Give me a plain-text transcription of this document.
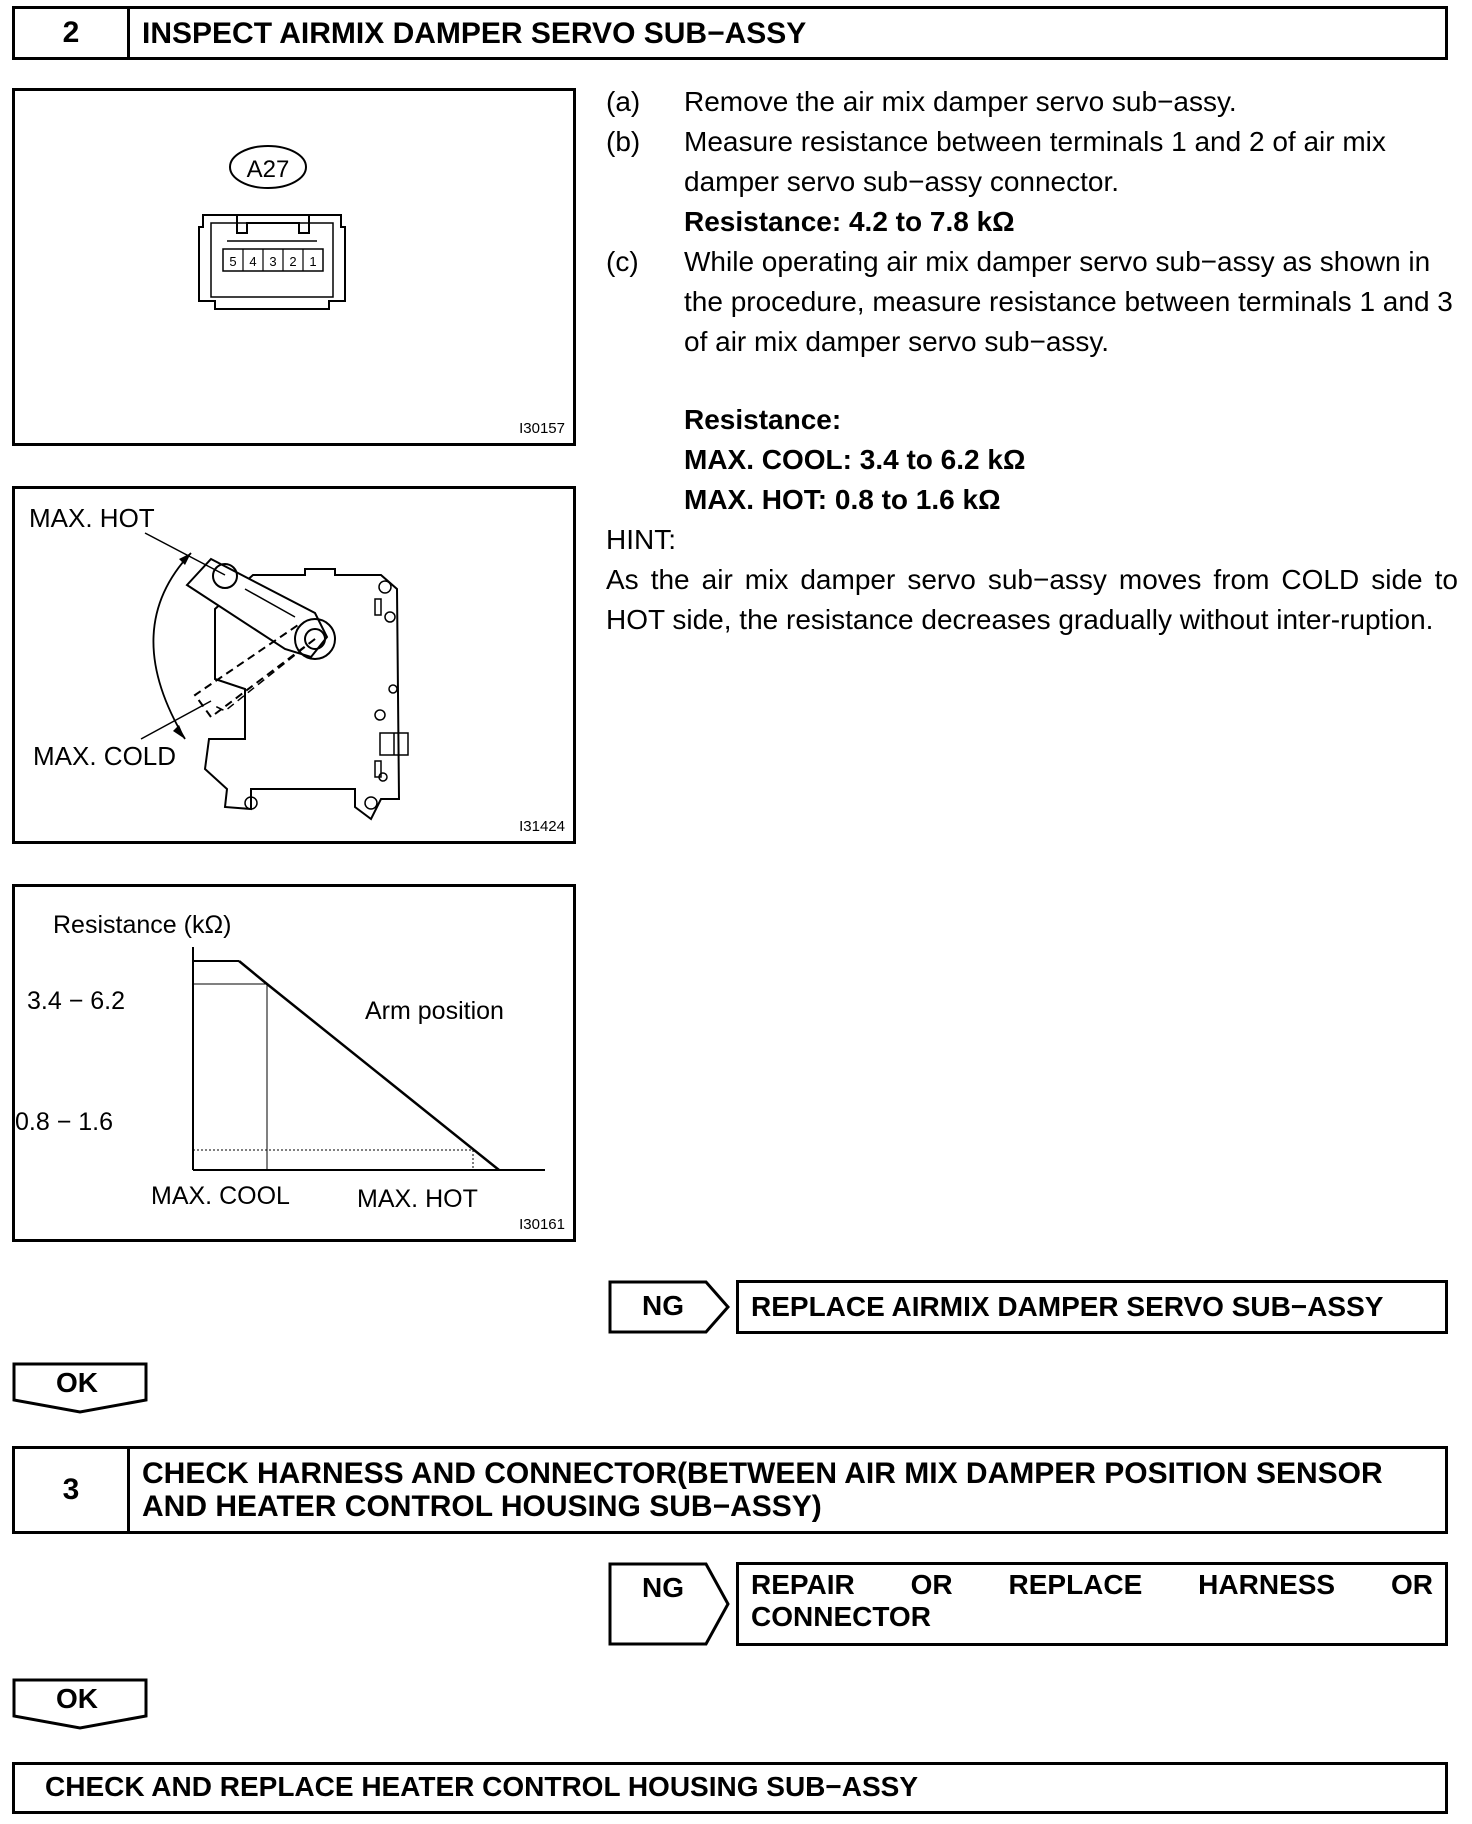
2	INSPECT AIRMIX DAMPER SERVO SUB−ASSY
A27
5 4 3 2 1
I30157
MAX. HOT
MAX. COLD
I31424
Resistance (kΩ)
3.4 − 6.2
0.8 − 1.6
Arm position
MAX. COOL	MAX. HOT
I30161
(a) Remove the air mix damper servo sub−assy.
(b) Measure resistance between terminals 1 and 2 of air mix damper servo sub−assy connector.
Resistance: 4.2 to 7.8 kΩ
(c) While operating air mix damper servo sub−assy as shown in the procedure, measure resistance between terminals 1 and 3 of air mix damper servo sub−assy.
Resistance:
MAX. COOL: 3.4 to 6.2 kΩ
MAX. HOT: 0.8 to 1.6 kΩ
HINT:
As the air mix damper servo sub−assy moves from COLD side to HOT side, the resistance decreases gradually without inter-ruption.
NG	REPLACE AIRMIX DAMPER SERVO SUB−ASSY
OK
3	CHECK HARNESS AND CONNECTOR(BETWEEN AIR MIX DAMPER POSITION SENSOR AND HEATER CONTROL HOUSING SUB−ASSY)
NG	REPAIR OR REPLACE HARNESS OR CONNECTOR
OK
CHECK AND REPLACE HEATER CONTROL HOUSING SUB−ASSY
